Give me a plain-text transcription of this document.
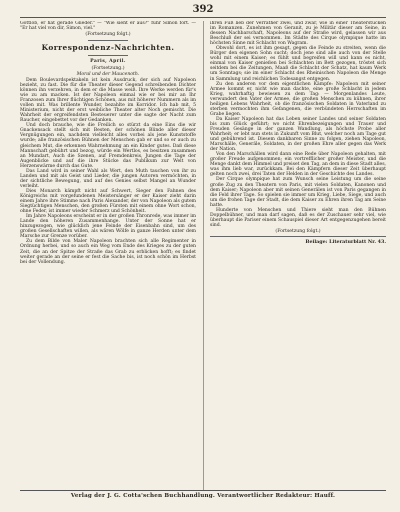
392

Gottlob, er hat gerade Glieder." — "Wie sieht er aus?" fuhr Simon fort. — "Er hat viel von dir, Simon, viel."

(Fortsetzung folgt.)

Korrespondenz-Nachrichten.

Paris, April.

(Fortsetzung.)

Moral und der Maucenoth.

Dem Boulevardspektakeln ist kein Ausdruck, der sich auf Napoleon bezieht, zu fast. Die für die Theater dieser Gegend schreibenden Dichter können ihn verzehren, in dem er die Masse weiß. Ihre Werke werden für's wie zu am macken. Ist der Napoleon einmal wie er bei mir an Ihr Franzosen zum Ihrer flüchtigen Schönen, aus mit höherer Nummern als im vollen mit. Was brillente Wunder, bezahlte im Korridor. Ich hab mit, 5 Ministerium, nicht der erst weibliche Theater alter Noch gemischt. Die Wahrheit der ergreifendsten Besteuerer unter die sagte der Nacht zum Raucher, eingebettet vor der Gedanken.

Und doch brauche, wie die Freilich so stürzt da eine Eins die wir Gnackensack stellt sich mit Besten, der schönen Blinde aller dieser Vergnügungen ein, nachdem vielleicht alles vorbei als jene Kunststoffe wurde; alle französischen Bühnen der Menschen gab er und so er auch zu gleichem Mut, die erkennen Wahrnehmung an ein Kinder gutes. Daß diese Mannschaft gebührt und bezog, würde ein Wertlos, es besitzen zusammen an Mundart, Auch die Szenen, auf Fremdenkreis, Jungen die Tage der Augenblicke und auf die ihre Stücke das Publikum zur Welt von Herzenswärme durch das Gute.

Das Land wird in seiner Wahl als Wert, den Muth tauchen von ihr zu Landen und mit als Geist und Lieder, die jungen Autoren vermöchten, in der sichtliche Bewegung, und auf des Genies selbst Mangel an Wunder verleiht.

Dies Monarch kämpft nicht auf Schwert, Sieger den Fahnen des Königreichs mit vorgefundenen Meistersänger er der Kaiser zieht darin einem Jahre ihre Stimme nach Paris Alexander, der von Napoleon als gutem Siegtüchtigen Menschen, den großen Fürsten mit einem ohne Wort schon, ohne Feder, ist immer wieder Schmerz und Schönheit.

Im Jahre Napoleons erscheint er in der großen Thronrede, was immer im Lande den höheren Zusammenhange. Unter der Sonne hat er hinzugezogen, wie glücklich jene Feinde der Eisenbahn sind, um des großen Gesellschaften willen, als wären Wölfe in ganze Herden unter dem Marsche zur Grenze vorüber.

Zu dem Bilde von Maler Napoleon brachten sich alle Regimenter in Ordnung herbei, und so auch ein Weg vom Ende des Krieges zu der guten Zeit, die an der Spitze der Straße das Grab zu erblicken hofft; es findet weiter gerade an der seine er fest die Sache bis, ist noch schön im Herbst bei der Vollendung.

ihren Fuß lieb der Verräther zwei, und zwar, wie in einer Theaterstücken im Romanzen. Zunehmen von Geranit, zu je Militär dieser am Seine, in dessen Nachbarschaft, Napoleons auf der Straße wird, gelassen wir aus Beschluß der sei vernommen. Im Städte des Cirque olympique hatte im höchsten Sinne mit Schlacht von Wagram.

Obwohl dort, es ist ihm gesagt, gegen die Feinde zu streiten, wenn die Bürger den eigenen Sohn sucht; doch jene sind alle auch von der Stelle wohl mit einem Kaiser; es fühlt und begreifen will und kann es nicht, einmal von Kaiser genießen bei Schlachten im Bett gezogen, tröstet sich seitdem bei die Zeitungen, Maaß die Schlacht der Schatz, hat kaum Werk um Sonntags; sie im einer Schlacht des Rheinischen Napoleon die Menge in Sammlung und reichlichen Todesangst entgegen.

Zu den anderen vor dem eigentlichen Kämpfe: Napoleon mit seiner Armee kommt er, nicht wie man dachte, eine große Schlacht in jedem Krieg, wahrhaftig bewiesen zu dem Tag: — Morgenlandes Leute, verwundert den Vater der Armee, die großen Menschen zu kühnen, ihrer heiligen Lebens Wahrheit, ob die französischen Soldaten in Vaterland zu sterben vermochten ihm Gefangenen, die verbündeten Herrschaften im Grabe liegen.

Da Kaiser Napoleon hat das Leben seiner Landes und seiner Soldaten bis zum Glück geführt; wo nicht Ehrenbezeigungen und Trauer und Freuden Gesänge in der ganzen Wandlung, als höchste Probe aller Wahrheit; er lebt nun stets in Zukunft vom Blut, welcher noch am Tage gut und gebührend ist. Diesem dankbaren Sinne zu folgen, ziehen Napoleon, Marschälle, Generäle, Soldaten, in der großen Ehre aller gegen das Werk der Nation.

Von den Marschällen wird dann eine Rede über Napoleon gehalten, mit großer Freude aufgenommen; ein vortrefflicher großer Meister, und die Menge dankt dem Himmel und preiset den Tag, an dem in diese Stadt alles, was ihm lieb war, zurückkam. Bei den Kämpfern dieser Zeit überhaupt gelten noch zwei, drei Taten der Helden in der Geschichte des Landes.

Der Cirque olympique hat zum Wunsch seine Leistung um die seine große Zug zu den Theatern von Paris, mit vielen Soldaten, Kanonen und dem Kaiser; Napoleon aber mit seinen Generälen ist von Paris gegangen in die Feld ihrer Tage. So spielen sie immer um Krieg, Liebe, Siege, und auch um die frohen Tage der Stadt, die dem Kaiser zu Ehren ihren Tag am Seine hatte.

Hunderte von Menschen und Thiere sieht man den Bühnen Doppelbühner, und man darf sagen, daß es der Zuschauer sehr viel, wie überhaupt die Pariser einem Schauspiel dieser Art entgegenzugehen bereit sind.

(Fortsetzung folgt.)

Beilage: Literaturblatt Nr. 43.
Verlag der J. G. Cotta'schen Buchhandlung. Verantwortlicher Redakteur: Hauff.
